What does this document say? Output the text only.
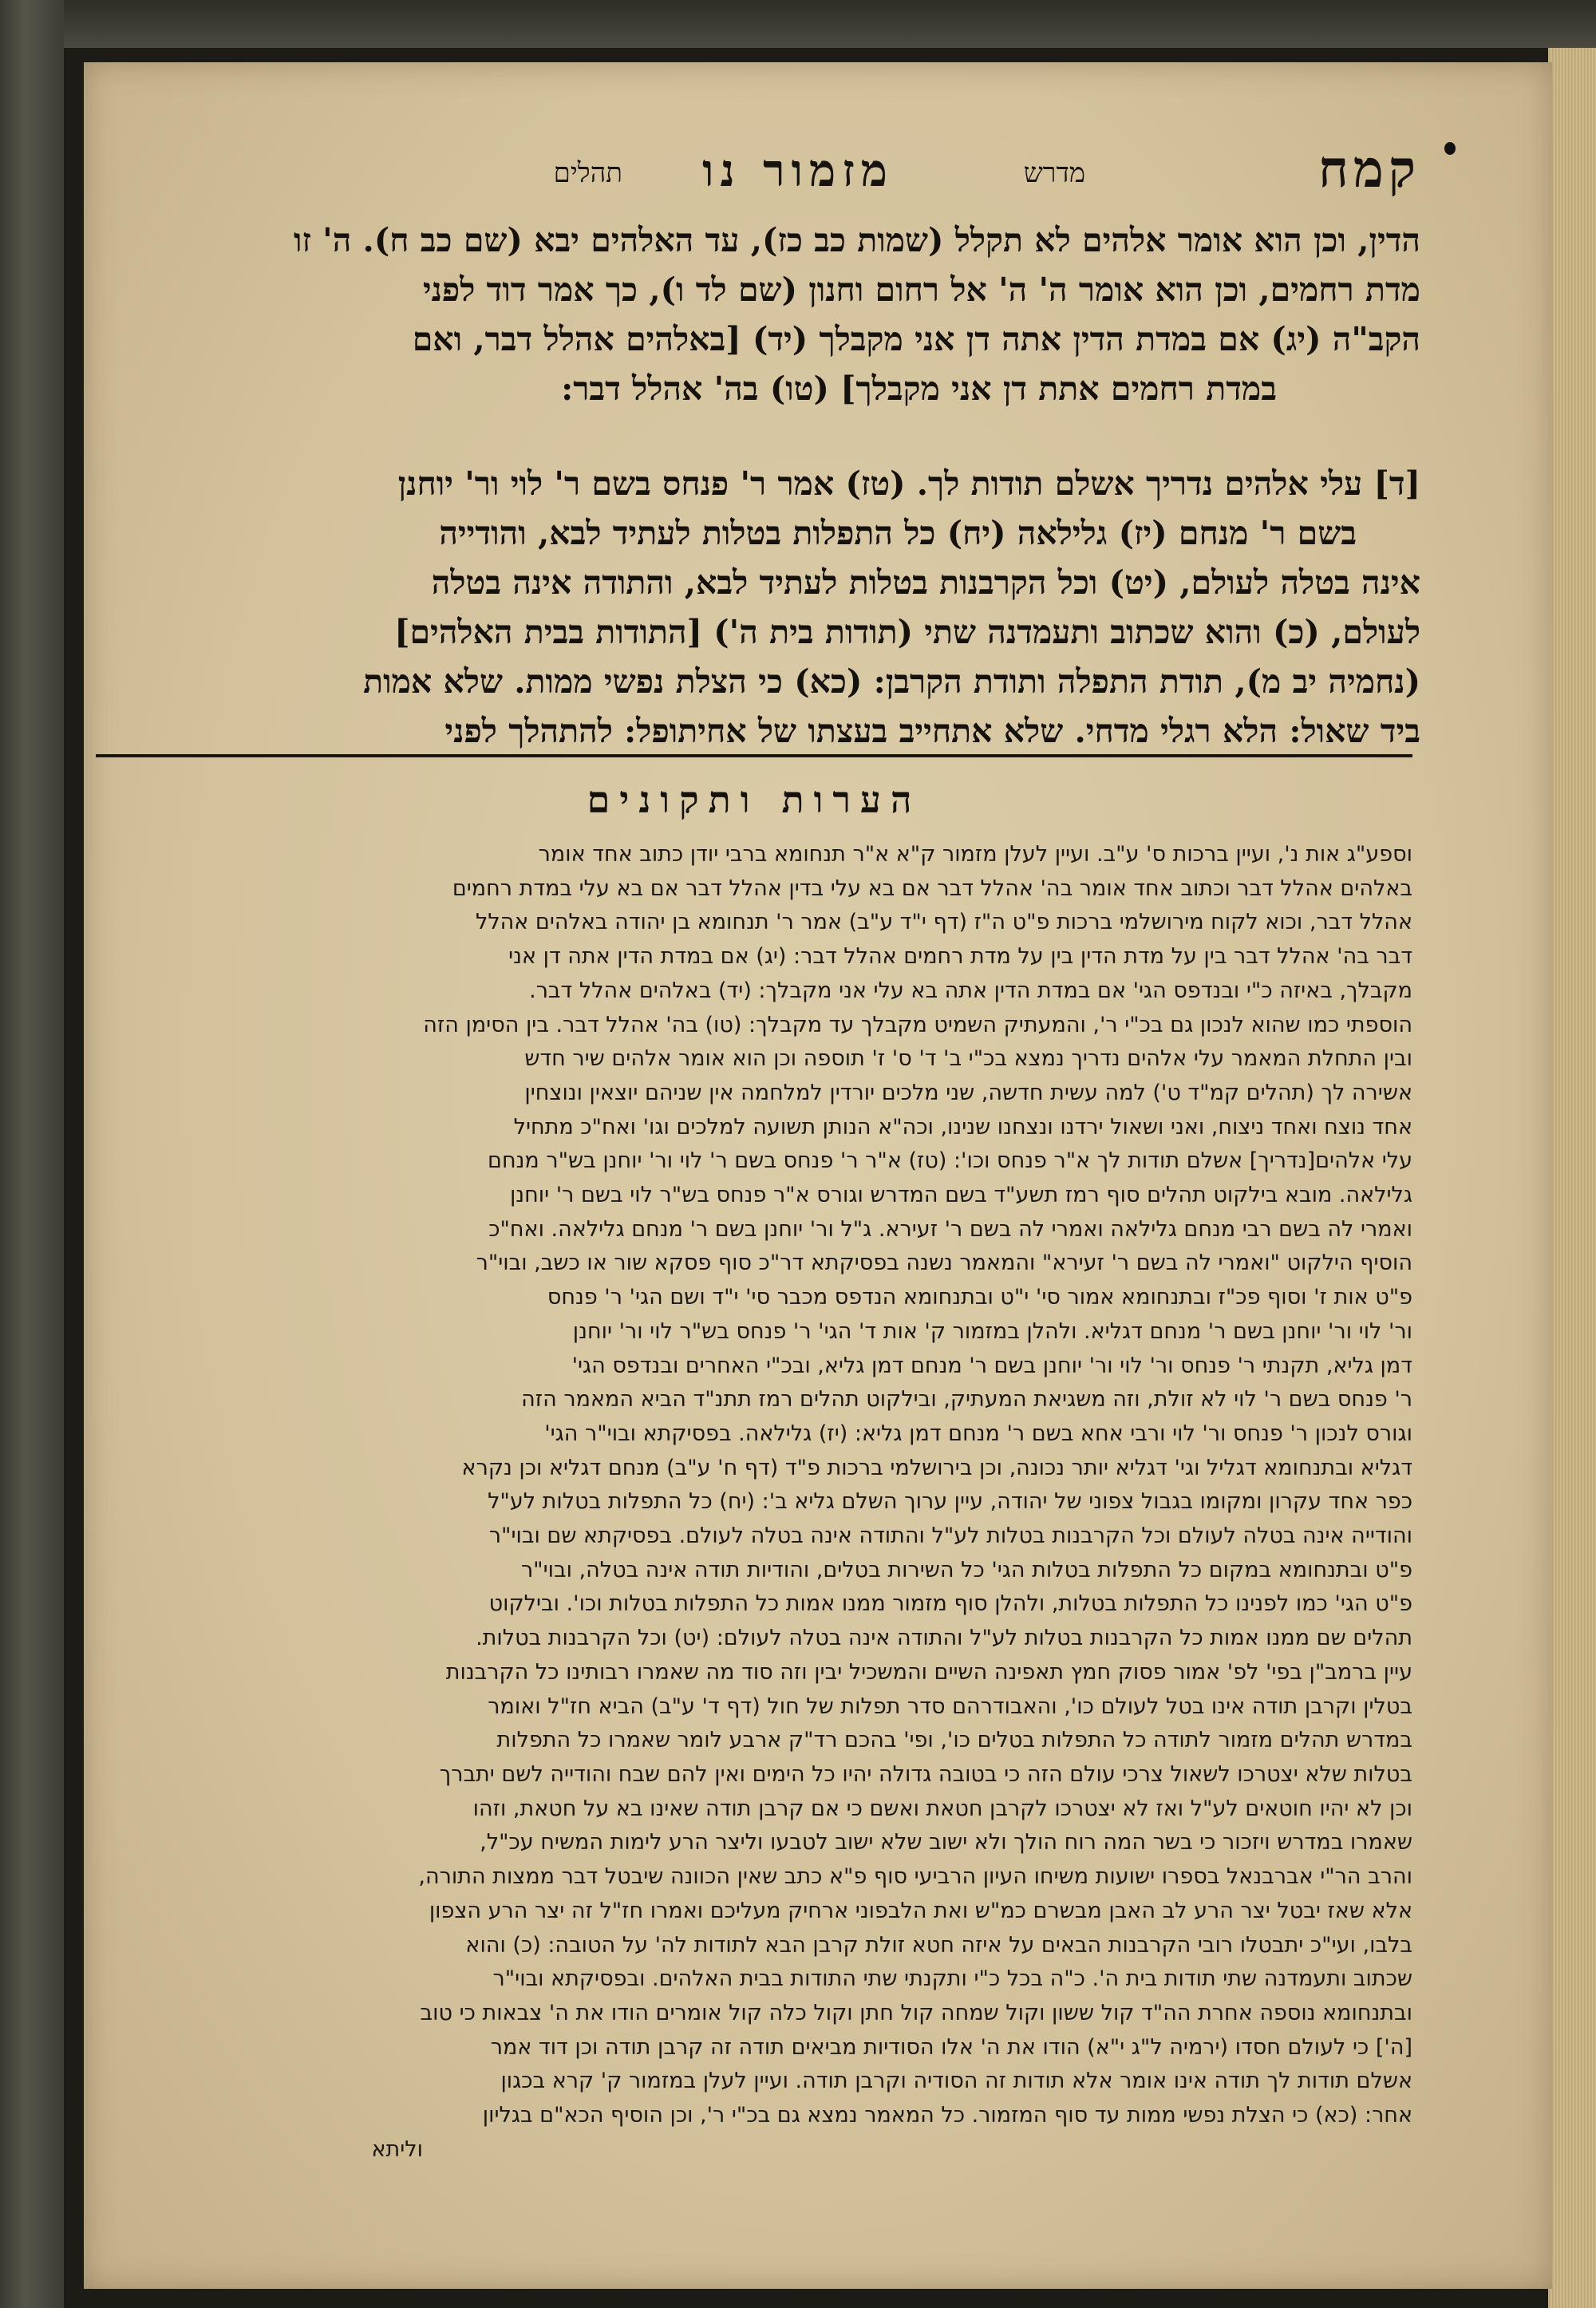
קמח
מדרש
מזמור נו
תהלים
הדין, וכן הוא אומר אלהים לא תקלל (שמות כב כז), עד האלהים יבא (שם כב ח). ה' זו
מדת רחמים, וכן הוא אומר ה' ה' אל רחום וחנון (שם לד ו), כך אמר דוד לפני
הקב"ה (יג) אם במדת הדין אתה דן אני מקבלך (יד) [באלהים אהלל דבר, ואם
במדת רחמים אתת דן אני מקבלך] (טו) בה' אהלל דבר:
[ד] עלי אלהים נדריך אשלם תודות לך. (טז) אמר ר' פנחס בשם ר' לוי ור' יוחנן
בשם ר' מנחם (יז) גלילאה (יח) כל התפלות בטלות לעתיד לבא, והודייה
אינה בטלה לעולם, (יט) וכל הקרבנות בטלות לעתיד לבא, והתודה אינה בטלה
לעולם, (כ) והוא שכתוב ותעמדנה שתי (תודות בית ה') [התודות בבית האלהים]
(נחמיה יב מ), תודת התפלה ותודת הקרבן: (כא) כי הצלת נפשי ממות. שלא אמות
ביד שאול: הלא רגלי מדחי. שלא אתחייב בעצתו של אחיתופל: להתהלך לפני
הערות ותקונים
וספע"ג אות נ', ועיין ברכות ס' ע"ב. ועיין לעלן מזמור ק"א א"ר תנחומא ברבי יודן כתוב אחד אומר
באלהים אהלל דבר וכתוב אחד אומר בה' אהלל דבר אם בא עלי בדין אהלל דבר אם בא עלי במדת רחמים
אהלל דבר, וכוא לקוח מירושלמי ברכות פ"ט ה"ז (דף י"ד ע"ב) אמר ר' תנחומא בן יהודה באלהים אהלל
דבר בה' אהלל דבר בין על מדת הדין בין על מדת רחמים אהלל דבר: (יג) אם במדת הדין אתה דן אני
מקבלך, באיזה כ"י ובנדפס הגי' אם במדת הדין אתה בא עלי אני מקבלך: (יד) באלהים אהלל דבר.
הוספתי כמו שהוא לנכון גם בכ"י ר', והמעתיק השמיט מקבלך עד מקבלך: (טו) בה' אהלל דבר. בין הסימן הזה
ובין התחלת המאמר עלי אלהים נדריך נמצא בכ"י ב' ד' ס' ז' תוספה וכן הוא אומר אלהים שיר חדש
אשירה לך (תהלים קמ"ד ט') למה עשית חדשה, שני מלכים יורדין למלחמה אין שניהם יוצאין ונוצחין
אחד נוצח ואחד ניצוח, ואני ושאול ירדנו ונצחנו שנינו, וכה"א הנותן תשועה למלכים וגו' ואח"כ מתחיל
עלי אלהים[נדריך] אשלם תודות לך א"ר פנחס וכו': (טז) א"ר ר' פנחס בשם ר' לוי ור' יוחנן בש"ר מנחם
גלילאה. מובא בילקוט תהלים סוף רמז תשע"ד בשם המדרש וגורס א"ר פנחס בש"ר לוי בשם ר' יוחנן
ואמרי לה בשם רבי מנחם גלילאה ואמרי לה בשם ר' זעירא. ג"ל ור' יוחנן בשם ר' מנחם גלילאה. ואח"כ
הוסיף הילקוט "ואמרי לה בשם ר' זעירא" והמאמר נשנה בפסיקתא דר"כ סוף פסקא שור או כשב, ובוי"ר
פ"ט אות ז' וסוף פכ"ז ובתנחומא אמור סי' י"ט ובתנחומא הנדפס מכבר סי' י"ד ושם הגי' ר' פנחס
ור' לוי ור' יוחנן בשם ר' מנחם דגליא. ולהלן במזמור ק' אות ד' הגי' ר' פנחס בש"ר לוי ור' יוחנן
דמן גליא, תקנתי ר' פנחס ור' לוי ור' יוחנן בשם ר' מנחם דמן גליא, ובכ"י האחרים ובנדפס הגי'
ר' פנחס בשם ר' לוי לא זולת, וזה משגיאת המעתיק, ובילקוט תהלים רמז תתנ"ד הביא המאמר הזה
וגורס לנכון ר' פנחס ור' לוי ורבי אחא בשם ר' מנחם דמן גליא: (יז) גלילאה. בפסיקתא ובוי"ר הגי'
דגליא ובתנחומא דגליל וגי' דגליא יותר נכונה, וכן בירושלמי ברכות פ"ד (דף ח' ע"ב) מנחם דגליא וכן נקרא
כפר אחד עקרון ומקומו בגבול צפוני של יהודה, עיין ערוך השלם גליא ב': (יח) כל התפלות בטלות לע"ל
והודייה אינה בטלה לעולם וכל הקרבנות בטלות לע"ל והתודה אינה בטלה לעולם. בפסיקתא שם ובוי"ר
פ"ט ובתנחומא במקום כל התפלות בטלות הגי' כל השירות בטלים, והודיות תודה אינה בטלה, ובוי"ר
פ"ט הגי' כמו לפנינו כל התפלות בטלות, ולהלן סוף מזמור ממנו אמות כל התפלות בטלות וכו'. ובילקוט
תהלים שם ממנו אמות כל הקרבנות בטלות לע"ל והתודה אינה בטלה לעולם: (יט) וכל הקרבנות בטלות.
עיין ברמב"ן בפי' לפ' אמור פסוק חמץ תאפינה השיים והמשכיל יבין וזה סוד מה שאמרו רבותינו כל הקרבנות
בטלין וקרבן תודה אינו בטל לעולם כו', והאבודרהם סדר תפלות של חול (דף ד' ע"ב) הביא חז"ל ואומר
במדרש תהלים מזמור לתודה כל התפלות בטלים כו', ופי' בהכם רד"ק ארבע לומר שאמרו כל התפלות
בטלות שלא יצטרכו לשאול צרכי עולם הזה כי בטובה גדולה יהיו כל הימים ואין להם שבח והודייה לשם יתברך
וכן לא יהיו חוטאים לע"ל ואז לא יצטרכו לקרבן חטאת ואשם כי אם קרבן תודה שאינו בא על חטאת, וזהו
שאמרו במדרש ויזכור כי בשר המה רוח הולך ולא ישוב שלא ישוב לטבעו וליצר הרע לימות המשיח עכ"ל,
והרב הר"י אברבנאל בספרו ישועות משיחו העיון הרביעי סוף פ"א כתב שאין הכוונה שיבטל דבר ממצות התורה,
אלא שאז יבטל יצר הרע לב האבן מבשרם כמ"ש ואת הלבפוני ארחיק מעליכם ואמרו חז"ל זה יצר הרע הצפון
בלבו, ועי"כ יתבטלו רובי הקרבנות הבאים על איזה חטא זולת קרבן הבא לתודות לה' על הטובה: (כ) והוא
שכתוב ותעמדנה שתי תודות בית ה'. כ"ה בכל כ"י ותקנתי שתי התודות בבית האלהים. ובפסיקתא ובוי"ר
ובתנחומא נוספה אחרת הה"ד קול ששון וקול שמחה קול חתן וקול כלה קול אומרים הודו את ה' צבאות כי טוב
[ה'] כי לעולם חסדו (ירמיה ל"ג י"א) הודו את ה' אלו הסודיות מביאים תודה זה קרבן תודה וכן דוד אמר
אשלם תודות לך תודה אינו אומר אלא תודות זה הסודיה וקרבן תודה. ועיין לעלן במזמור ק' קרא בכגון
אחר: (כא) כי הצלת נפשי ממות עד סוף המזמור. כל המאמר נמצא גם בכ"י ר', וכן הוסיף הכא"ם בגליון
וליתא
